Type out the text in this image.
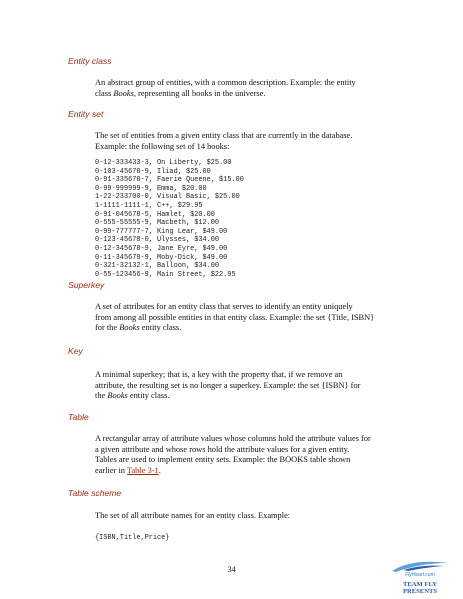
Entity class
An abstract group of entities, with a common description. Example: the entity
class Books, representing all books in the universe.
Entity set
The set of entities from a given entity class that are currently in the database.
Example: the following set of 14 books:
0-12-333433-3, On Liberty, $25.00
0-103-45678-9, Iliad, $25.00
0-91-335678-7, Faerie Queene, $15.00
0-99-999999-9, Emma, $20.00
1-22-233700-0, Visual Basic, $25.00
1-1111-1111-1, C++, $29.95
0-91-045678-5, Hamlet, $20.00
0-555-55555-9, Macbeth, $12.00
0-99-777777-7, King Lear, $49.00
0-123-45678-0, Ulysses, $34.00
0-12-345678-9, Jane Eyre, $49.00
0-11-345678-9, Moby-Dick, $49.00
0-321-32132-1, Balloon, $34.00
0-55-123456-9, Main Street, $22.95
Superkey
A set of attributes for an entity class that serves to identify an entity uniquely
from among all possible entities in that entity class. Example: the set {Title, ISBN}
for the Books entity class.
Key
A minimal superkey; that is, a key with the property that, if we remove an
attribute, the resulting set is no longer a superkey. Example: the set {ISBN} for
the Books entity class.
Table
A rectangular array of attribute values whose columns hold the attribute values for
a given attribute and whose rows hold the attribute values for a given entity.
Tables are used to implement entity sets. Example: the BOOKS table shown
earlier in Table 3-1.
Table scheme
The set of all attribute names for an entity class. Example:
{ISBN,Title,Price}
34
FlyHeart.com
TEAM FLY PRESENTS
